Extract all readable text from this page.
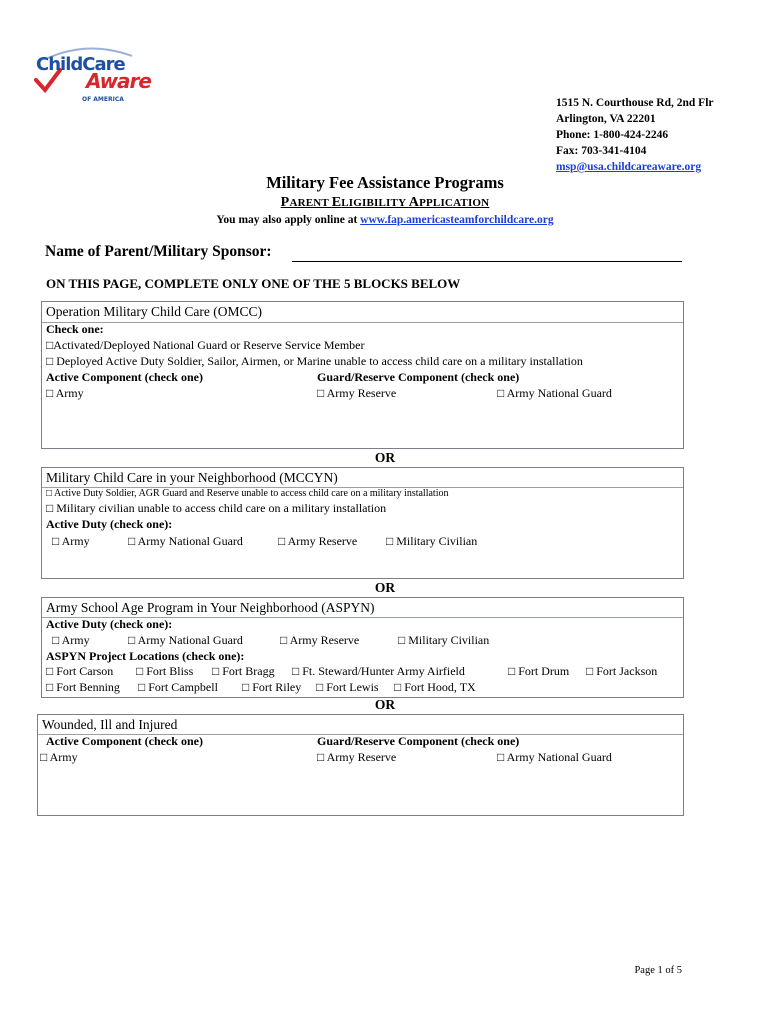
ChildCare
Aware
OF AMERICA	1515 N. Courthouse Rd, 2nd Flr
Arlington, VA 22201
Phone: 1-800-424-2246
Fax: 703-341-4104
msp@usa.childcareaware.org
Military Fee Assistance Programs
PARENT ELIGIBILITY APPLICATION
You may also apply online at www.fap.americasteamforchildcare.org
Name of Parent/Military Sponsor:
ON THIS PAGE, COMPLETE ONLY ONE OF THE 5 BLOCKS BELOW
Operation Military Child Care (OMCC)
Check one:
□Activated/Deployed National Guard or Reserve Service Member
□ Deployed Active Duty Soldier, Sailor, Airmen, or Marine unable to access child care on a military installation
Active Component (check one)	Guard/Reserve Component (check one)
□ Army	□ Army Reserve	□ Army National Guard
OR
Military Child Care in your Neighborhood (MCCYN)
□ Active Duty Soldier, AGR Guard and Reserve unable to access child care on a military installation
□ Military civilian unable to access child care on a military installation
Active Duty (check one):
□ Army	□ Army National Guard	□ Army Reserve □ Military Civilian
OR
Army School Age Program in Your Neighborhood (ASPYN)
Active Duty (check one):
□ Army	□ Army National Guard	□ Army Reserve	□ Military Civilian
ASPYN Project Locations (check one):
□ Fort Carson □ Fort Bliss □ Fort Bragg □ Ft. Steward/Hunter Army Airfield	□ Fort Drum □ Fort Jackson
□ Fort Benning □ Fort Campbell □ Fort Riley □ Fort Lewis □ Fort Hood, TX
OR
Wounded, Ill and Injured
Active Component (check one)	Guard/Reserve Component (check one)
□ Army	□ Army Reserve	□ Army National Guard
Page 1 of 5
